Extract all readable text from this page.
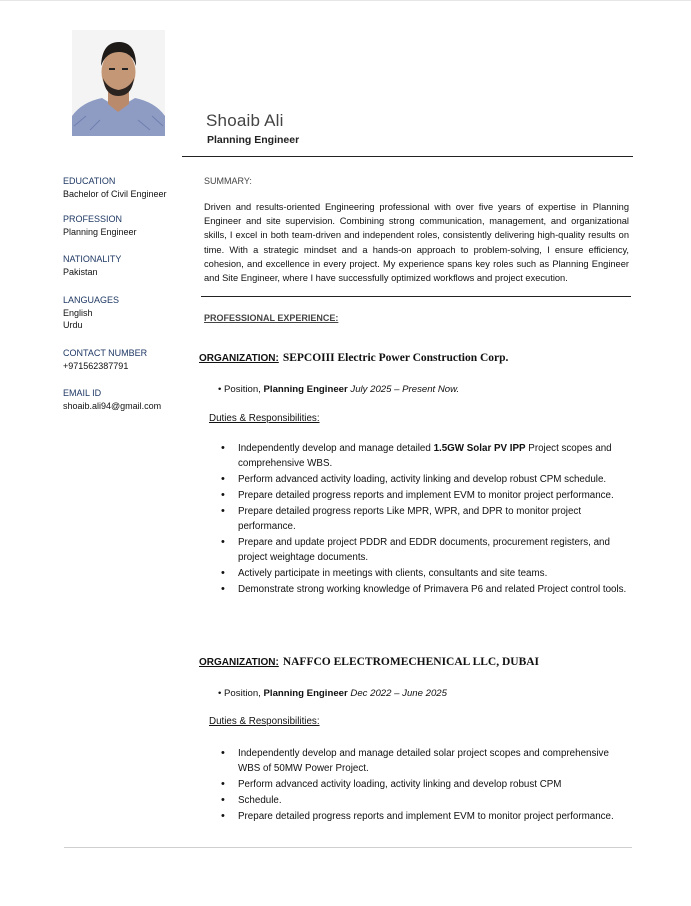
Shoaib Ali
Planning Engineer
EDUCATION
Bachelor of Civil Engineer
PROFESSION
Planning Engineer
NATIONALITY
Pakistan
LANGUAGES
English
Urdu
CONTACT NUMBER
+971562387791
EMAIL ID
shoaib.ali94@gmail.com
SUMMARY:
Driven and results-oriented Engineering professional with over five years of expertise in Planning Engineer and site supervision. Combining strong communication, management, and organizational skills, I excel in both team-driven and independent roles, consistently delivering high-quality results on time. With a strategic mindset and a hands-on approach to problem-solving, I ensure efficiency, cohesion, and excellence in every project. My experience spans key roles such as Planning Engineer and Site Engineer, where I have successfully optimized workflows and project execution.
PROFESSIONAL EXPERIENCE:
ORGANIZATION: SEPCOIII Electric Power Construction Corp.
• Position, Planning Engineer July 2025 – Present Now.
Duties & Responsibilities:
• Independently develop and manage detailed 1.5GW Solar PV IPP Project scopes and comprehensive WBS.
• Perform advanced activity loading, activity linking and develop robust CPM schedule.
• Prepare detailed progress reports and implement EVM to monitor project performance.
• Prepare detailed progress reports Like MPR, WPR, and DPR to monitor project performance.
• Prepare and update project PDDR and EDDR documents, procurement registers, and project weightage documents.
• Actively participate in meetings with clients, consultants and site teams.
• Demonstrate strong working knowledge of Primavera P6 and related Project control tools.
ORGANIZATION: NAFFCO ELECTROMECHENICAL LLC, DUBAI
• Position, Planning Engineer Dec 2022 – June 2025
Duties & Responsibilities:
• Independently develop and manage detailed solar project scopes and comprehensive WBS of 50MW Power Project.
• Perform advanced activity loading, activity linking and develop robust CPM
• Schedule.
• Prepare detailed progress reports and implement EVM to monitor project performance.
